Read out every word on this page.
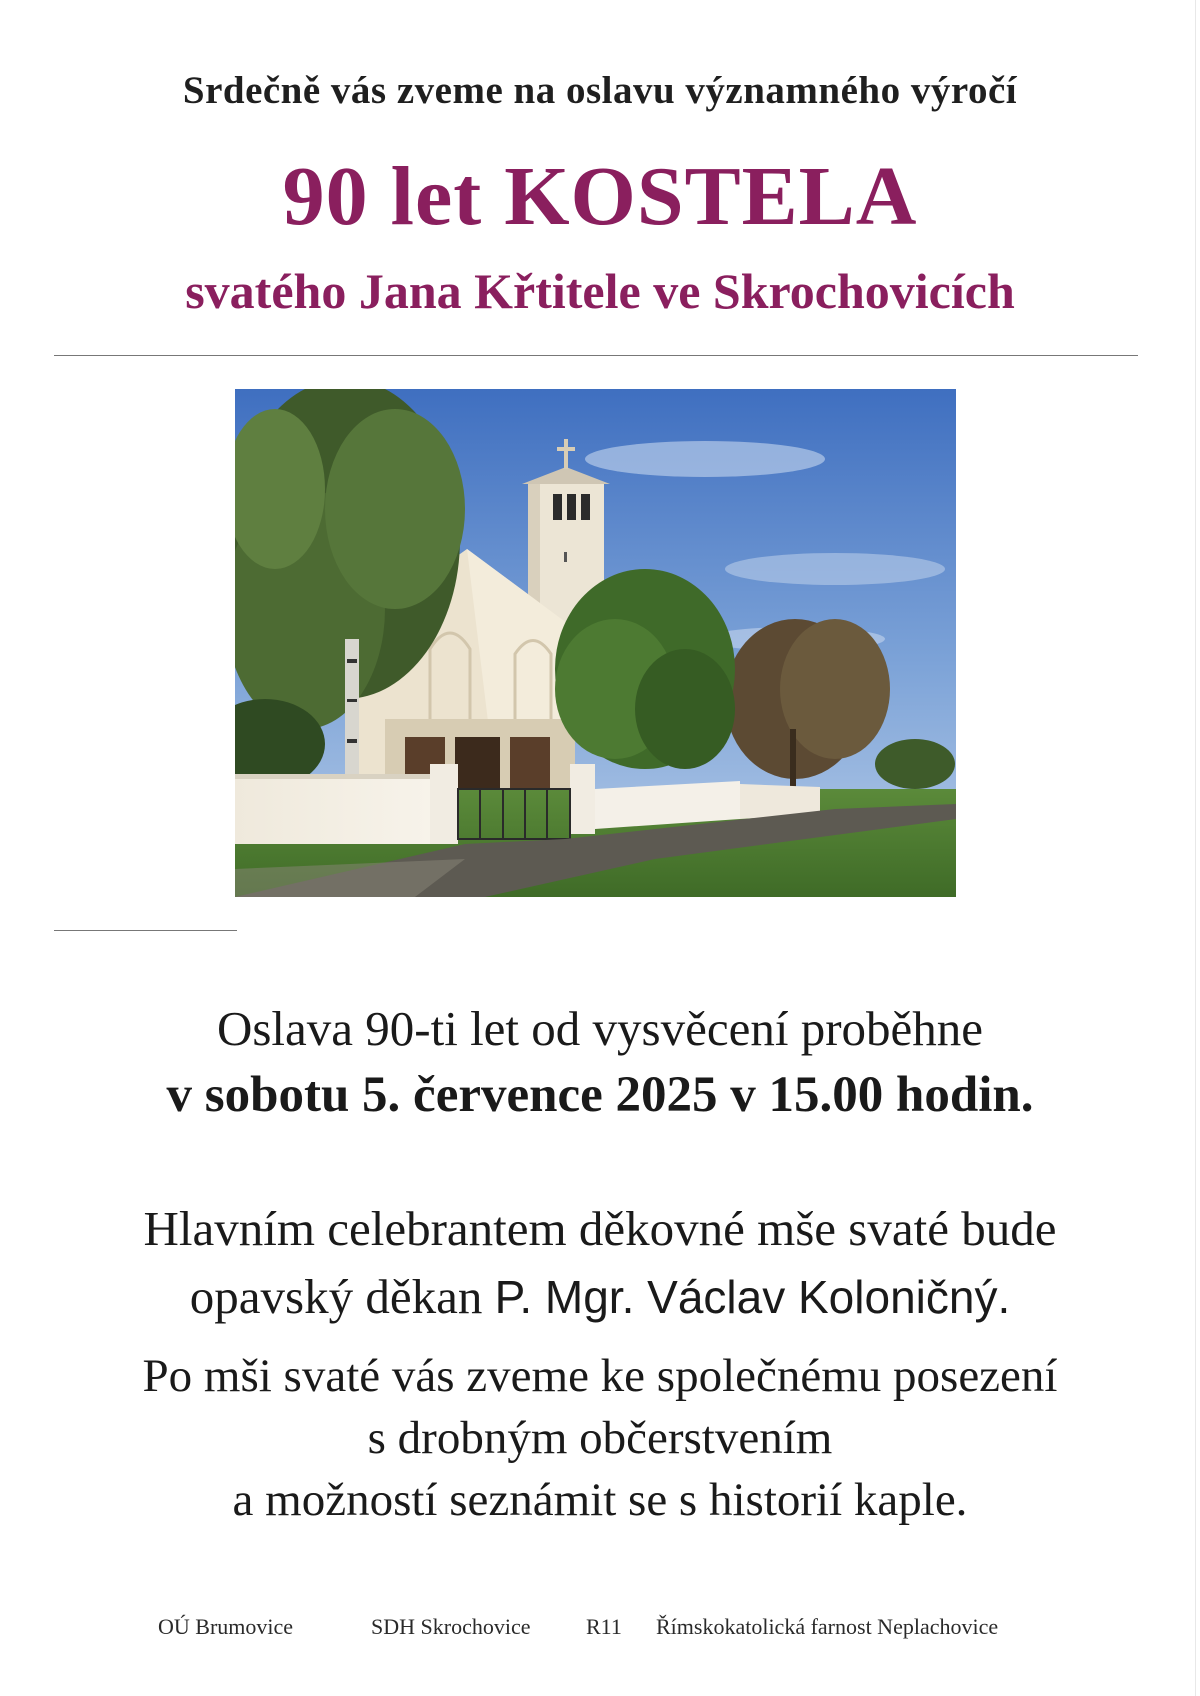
Srdečně vás zveme na oslavu významného výročí
90 let KOSTELA
svatého Jana Křtitele ve Skrochovicích
Oslava 90-ti let od vysvěcení proběhne
v sobotu 5. července 2025 v 15.00 hodin.
Hlavním celebrantem děkovné mše svaté bude
opavský děkan P. Mgr. Václav Koloničný.
Po mši svaté vás zveme ke společnému posezení
s drobným občerstvením
a možností seznámit se s historií kaple.
OÚ Brumovice	SDH Skrochovice	R11 Římskokatolická farnost Neplachovice
